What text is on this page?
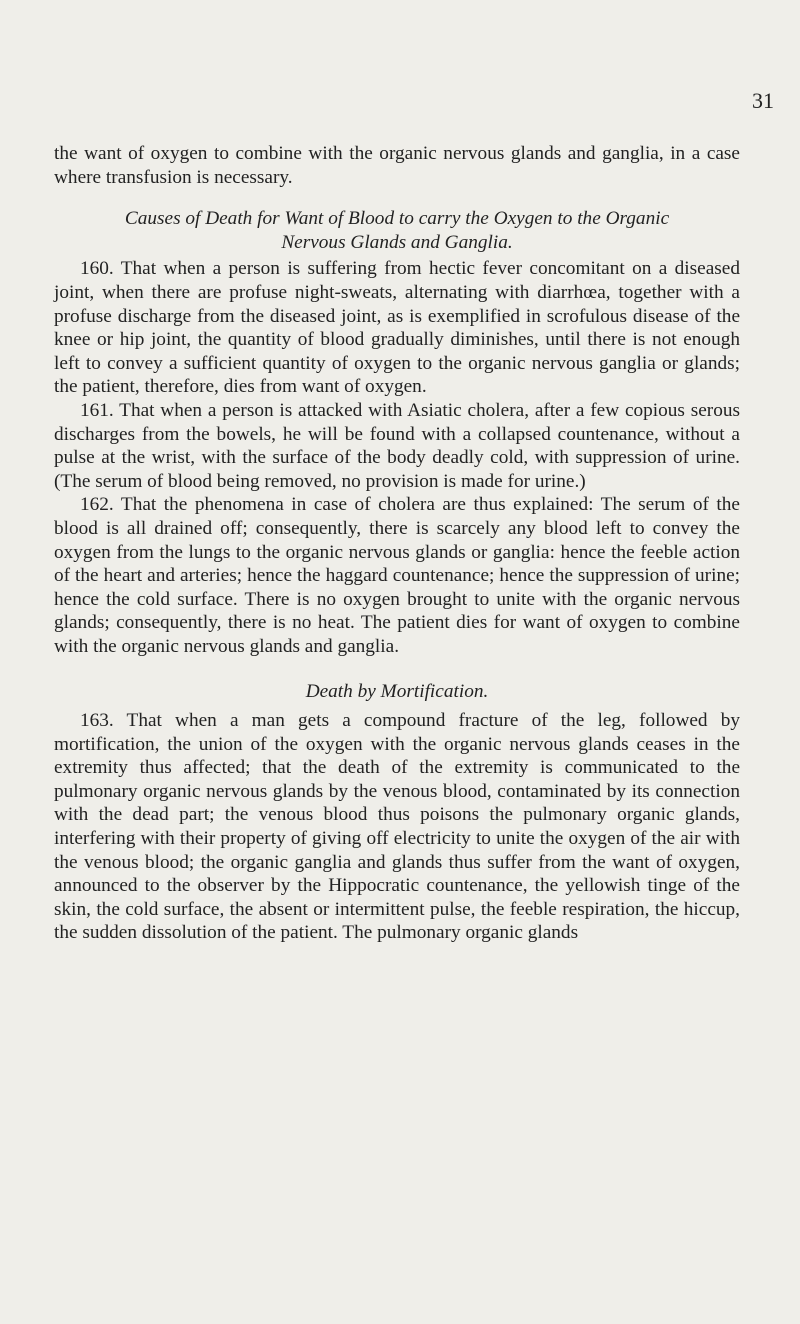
31

the want of oxygen to combine with the organic nervous glands and ganglia, in a case where transfusion is necessary.

Causes of Death for Want of Blood to carry the Oxygen to the Organic
Nervous Glands and Ganglia.

160. That when a person is suffering from hectic fever concomitant on a diseased joint, when there are profuse night-sweats, alternating with diarrhœa, together with a profuse discharge from the diseased joint, as is exemplified in scrofulous disease of the knee or hip joint, the quantity of blood gradually diminishes, until there is not enough left to convey a sufficient quantity of oxygen to the organic nervous ganglia or glands; the patient, therefore, dies from want of oxygen.

161. That when a person is attacked with Asiatic cholera, after a few copious serous discharges from the bowels, he will be found with a collapsed countenance, without a pulse at the wrist, with the surface of the body deadly cold, with suppression of urine. (The serum of blood being removed, no provision is made for urine.)

162. That the phenomena in case of cholera are thus explained: The serum of the blood is all drained off; consequently, there is scarcely any blood left to convey the oxygen from the lungs to the organic nervous glands or ganglia: hence the feeble action of the heart and arteries; hence the haggard countenance; hence the suppression of urine; hence the cold surface. There is no oxygen brought to unite with the organic nervous glands; consequently, there is no heat. The patient dies for want of oxygen to combine with the organic nervous glands and ganglia.

Death by Mortification.

163. That when a man gets a compound fracture of the leg, followed by mortification, the union of the oxygen with the organic nervous glands ceases in the extremity thus affected; that the death of the extremity is communicated to the pulmonary organic nervous glands by the venous blood, contaminated by its connection with the dead part; the venous blood thus poisons the pulmonary organic glands, interfering with their property of giving off electricity to unite the oxygen of the air with the venous blood; the organic ganglia and glands thus suffer from the want of oxygen, announced to the observer by the Hippocratic countenance, the yellowish tinge of the skin, the cold surface, the absent or intermittent pulse, the feeble respiration, the hiccup, the sudden dissolution of the patient. The pulmonary organic glands
